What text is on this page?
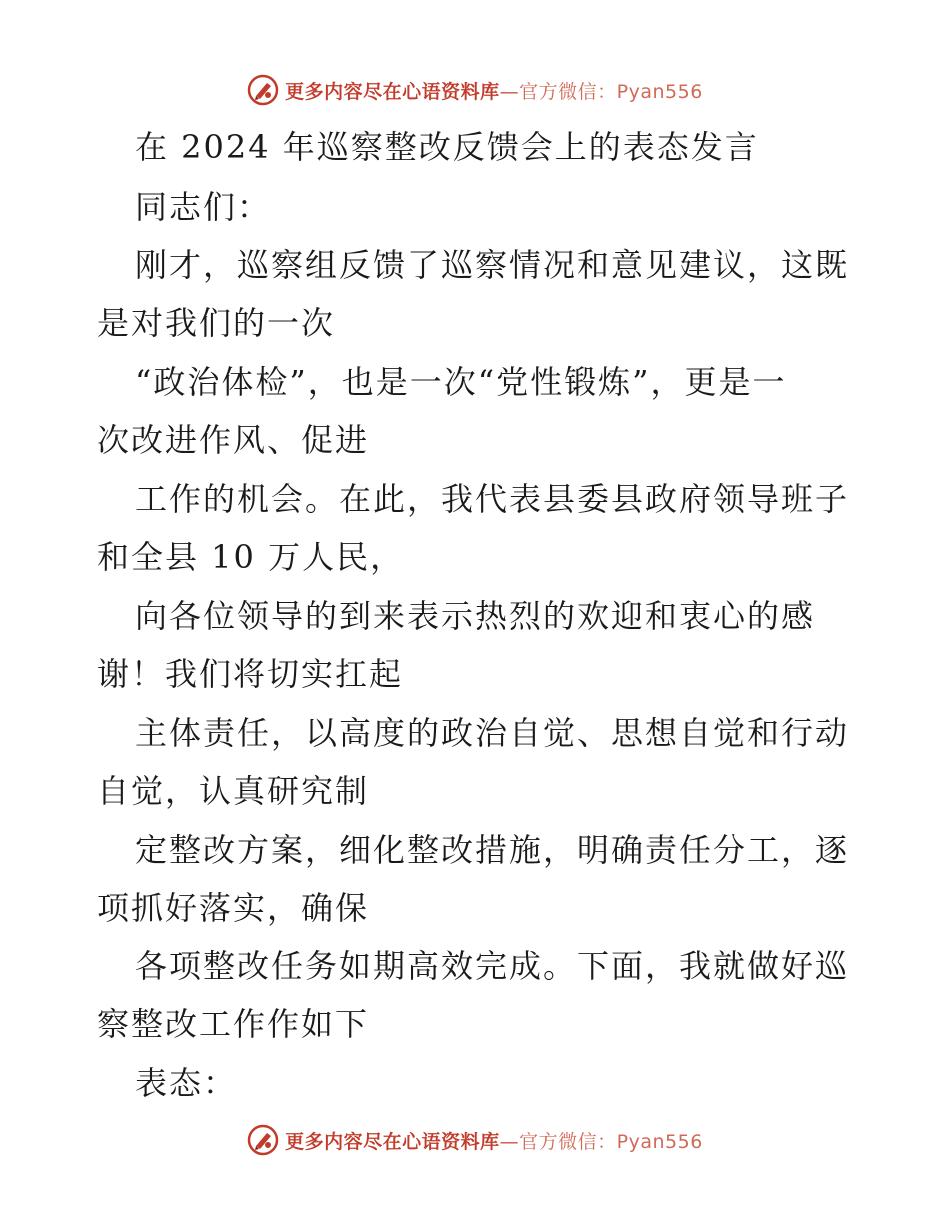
更多内容尽在心语资料库—官方微信：Pyan556
在 2024 年巡察整改反馈会上的表态发言
同志们：
刚才，巡察组反馈了巡察情况和意见建议，这既
是对我们的一次
“政治体检”，也是一次“党性锻炼”，更是一
次改进作风、促进
工作的机会。在此，我代表县委县政府领导班子
和全县 10 万人民，
向各位领导的到来表示热烈的欢迎和衷心的感
谢！我们将切实扛起
主体责任，以高度的政治自觉、思想自觉和行动
自觉，认真研究制
定整改方案，细化整改措施，明确责任分工，逐
项抓好落实，确保
各项整改任务如期高效完成。下面，我就做好巡
察整改工作作如下
表态：
更多内容尽在心语资料库—官方微信：Pyan556
